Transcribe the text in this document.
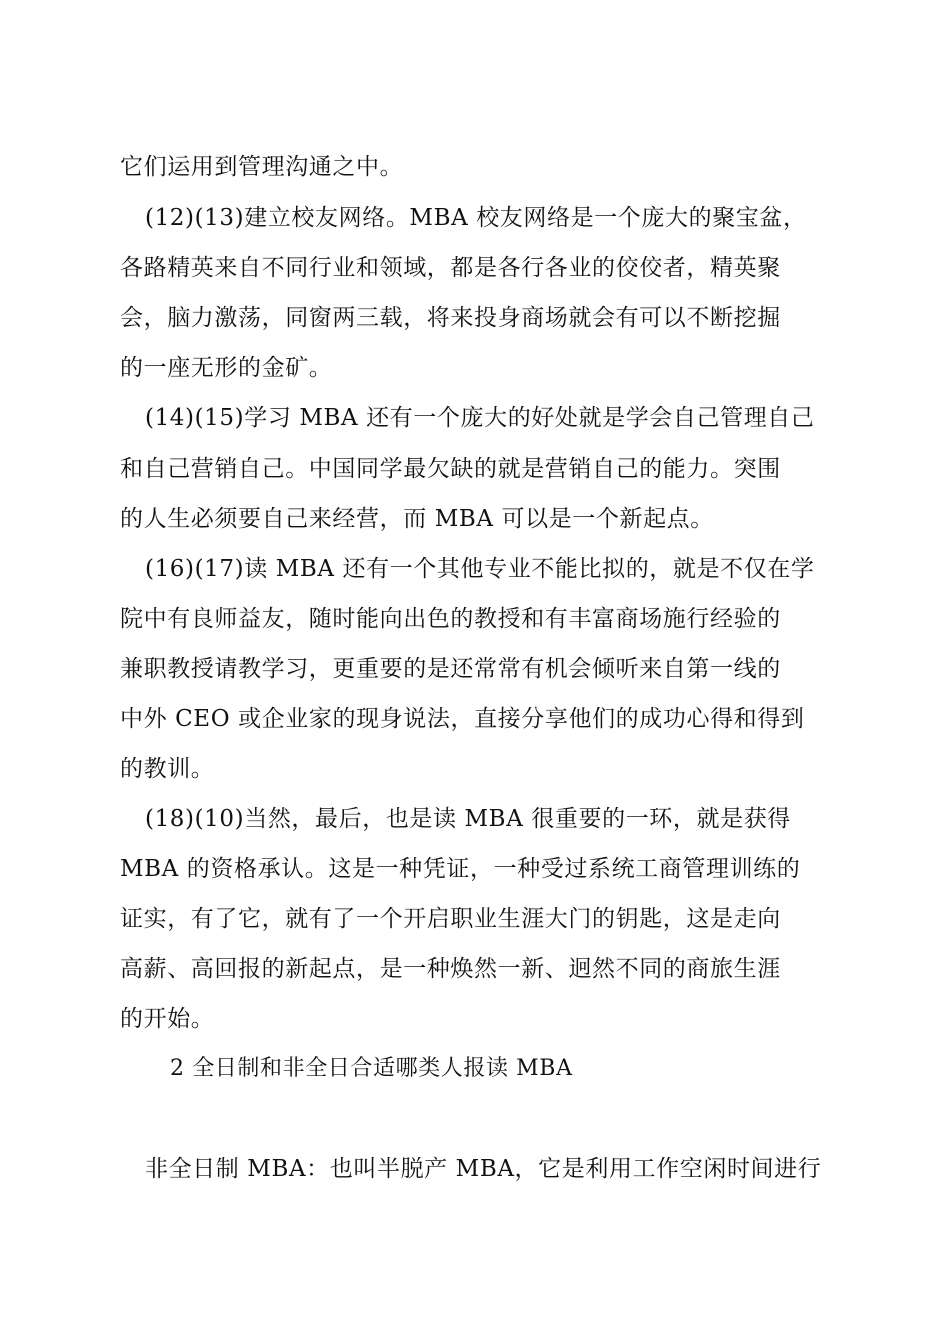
它们运用到管理沟通之中。
(12)(13)建立校友网络。MBA 校友网络是一个庞大的聚宝盆，
各路精英来自不同行业和领域，都是各行各业的佼佼者，精英聚
会，脑力激荡，同窗两三载，将来投身商场就会有可以不断挖掘
的一座无形的金矿。
(14)(15)学习 MBA 还有一个庞大的好处就是学会自己管理自己
和自己营销自己。中国同学最欠缺的就是营销自己的能力。突围
的人生必须要自己来经营，而 MBA 可以是一个新起点。
(16)(17)读 MBA 还有一个其他专业不能比拟的，就是不仅在学
院中有良师益友，随时能向出色的教授和有丰富商场施行经验的
兼职教授请教学习，更重要的是还常常有机会倾听来自第一线的
中外 CEO 或企业家的现身说法，直接分享他们的成功心得和得到
的教训。
(18)(10)当然，最后，也是读 MBA 很重要的一环，就是获得
MBA 的资格承认。这是一种凭证，一种受过系统工商管理训练的
证实，有了它，就有了一个开启职业生涯大门的钥匙，这是走向
高薪、高回报的新起点，是一种焕然一新、迥然不同的商旅生涯
的开始。
2 全日制和非全日合适哪类人报读 MBA
非全日制 MBA：也叫半脱产 MBA，它是利用工作空闲时间进行
